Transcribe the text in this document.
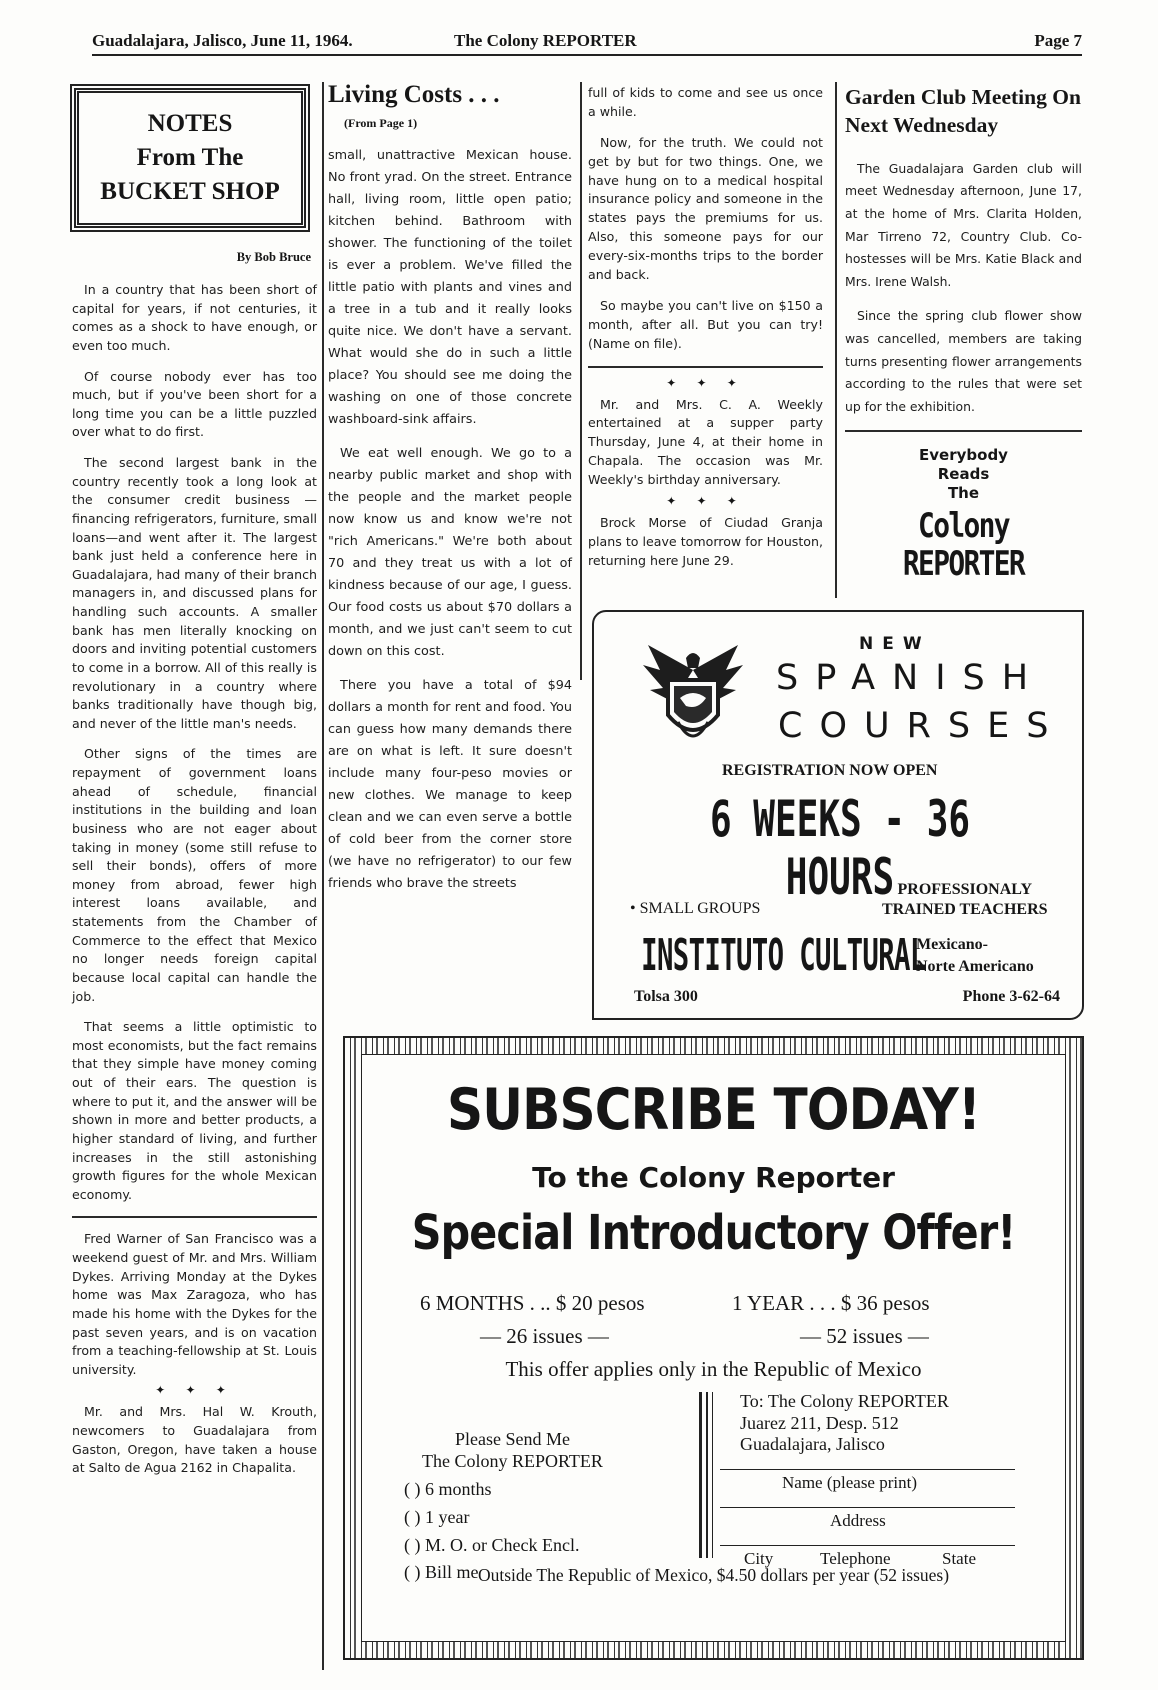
Guadalajara, Jalisco, June 11, 1964.	The Colony REPORTER	Page 7
NOTES
From The
BUCKET SHOP
By Bob Bruce

In a country that has been short of capital for years, if not centuries, it comes as a shock to have enough, or even too much.

Of course nobody ever has too much, but if you've been short for a long time you can be a little puzzled over what to do first.

The second largest bank in the country recently took a long look at the consumer credit business —financing refrigerators, furniture, small loans—and went after it. The largest bank just held a conference here in Guadalajara, had many of their branch managers in, and discussed plans for handling such accounts. A smaller bank has men literally knocking on doors and inviting potential customers to come in a borrow. All of this really is revolutionary in a country where banks traditionally have though big, and never of the little man's needs.

Other signs of the times are repayment of government loans ahead of schedule, financial institutions in the building and loan business who are not eager about taking in money (some still refuse to sell their bonds), offers of more money from abroad, fewer high interest loans available, and statements from the Chamber of Commerce to the effect that Mexico no longer needs foreign capital because local capital can handle the job.

That seems a little optimistic to most economists, but the fact remains that they simple have money coming out of their ears. The question is where to put it, and the answer will be shown in more and better products, a higher standard of living, and further increases in the still astonishing growth figures for the whole Mexican economy.

Fred Warner of San Francisco was a weekend guest of Mr. and Mrs. William Dykes. Arriving Monday at the Dykes home was Max Zaragoza, who has made his home with the Dykes for the past seven years, and is on vacation from a teaching-fellowship at St. Louis university.

✦ ✦ ✦

Mr. and Mrs. Hal W. Krouth, newcomers to Guadalajara from Gaston, Oregon, have taken a house at Salto de Agua 2162 in Chapalita.

Living Costs . . .
(From Page 1)

small, unattractive Mexican house. No front yrad. On the street. Entrance hall, living room, little open patio; kitchen behind. Bathroom with shower. The functioning of the toilet is ever a problem. We've filled the little patio with plants and vines and a tree in a tub and it really looks quite nice. We don't have a servant. What would she do in such a little place? You should see me doing the washing on one of those concrete washboard-sink affairs.

We eat well enough. We go to a nearby public market and shop with the people and the market people now know us and know we're not "rich Americans." We're both about 70 and they treat us with a lot of kindness because of our age, I guess. Our food costs us about $70 dollars a month, and we just can't seem to cut down on this cost.

There you have a total of $94 dollars a month for rent and food. You can guess how many demands there are on what is left. It sure doesn't include many four-peso movies or new clothes. We manage to keep clean and we can even serve a bottle of cold beer from the corner store (we have no refrigerator) to our few friends who brave the streets

full of kids to come and see us once a while.

Now, for the truth. We could not get by but for two things. One, we have hung on to a medical hospital insurance policy and someone in the states pays the premiums for us. Also, this someone pays for our every-six-months trips to the border and back.

So maybe you can't live on $150 a month, after all. But you can try! (Name on file).

✦ ✦ ✦

Mr. and Mrs. C. A. Weekly entertained at a supper party Thursday, June 4, at their home in Chapala. The occasion was Mr. Weekly's birthday anniversary.

✦ ✦ ✦

Brock Morse of Ciudad Granja plans to leave tomorrow for Houston, returning here June 29.

Garden Club Meeting On Next Wednesday

The Guadalajara Garden club will meet Wednesday afternoon, June 17, at the home of Mrs. Clarita Holden, Mar Tirreno 72, Country Club. Co-hostesses will be Mrs. Katie Black and Mrs. Irene Walsh.

Since the spring club flower show was cancelled, members are taking turns presenting flower arrangements according to the rules that were set up for the exhibition.

Everybody
Reads
The
Colony REPORTER
NEW
SPANISH
COURSES
REGISTRATION NOW OPEN
6 WEEKS - 36 HOURS
• SMALL GROUPS
PROFESSIONALY
TRAINED TEACHERS
INSTITUTO CULTURAL
Mexicano-
Norte Americano
Tolsa 300	Phone 3-62-64
SUBSCRIBE TODAY!
To the Colony Reporter
Special Introductory Offer!
6 MONTHS . .. $ 20 pesos
— 26 issues —
1 YEAR . . . $ 36 pesos
— 52 issues —
This offer applies only in the Republic of Mexico
Please Send Me
The Colony REPORTER
( ) 6 months
( ) 1 year
( ) M. O. or Check Encl.
( ) Bill me
To: The Colony REPORTER
Juarez 211, Desp. 512
Guadalajara, Jalisco
Name (please print)
Address
City	Telephone	State
Outside The Republic of Mexico, $4.50 dollars per year (52 issues)
